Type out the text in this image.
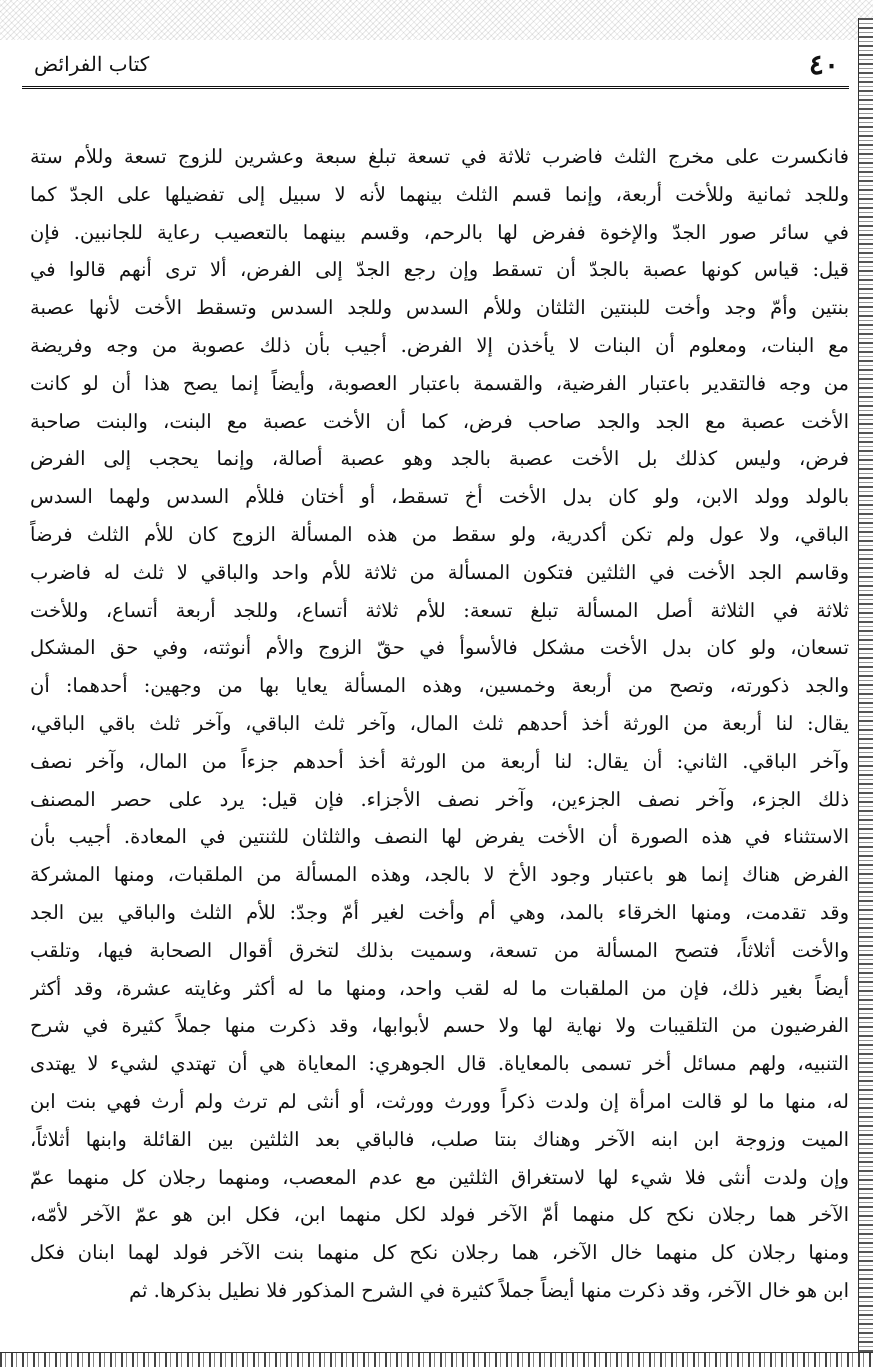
٤٠
كتاب الفرائض
فانكسرت على مخرج الثلث فاضرب ثلاثة في تسعة تبلغ سبعة وعشرين للزوج تسعة وللأم ستة
وللجد ثمانية وللأخت أربعة، وإنما قسم الثلث بينهما لأنه لا سبيل إلى تفضيلها على الجدّ كما
في سائر صور الجدّ والإخوة ففرض لها بالرحم، وقسم بينهما بالتعصيب رعاية للجانبين. فإن
قيل: قياس كونها عصبة بالجدّ أن تسقط وإن رجع الجدّ إلى الفرض، ألا ترى أنهم قالوا في
بنتين وأمّ وجد وأخت للبنتين الثلثان وللأم السدس وللجد السدس وتسقط الأخت لأنها عصبة
مع البنات، ومعلوم أن البنات لا يأخذن إلا الفرض. أجيب بأن ذلك عصوبة من وجه وفريضة
من وجه فالتقدير باعتبار الفرضية، والقسمة باعتبار العصوبة، وأيضاً إنما يصح هذا أن لو كانت
الأخت عصبة مع الجد والجد صاحب فرض، كما أن الأخت عصبة مع البنت، والبنت صاحبة
فرض، وليس كذلك بل الأخت عصبة بالجد وهو عصبة أصالة، وإنما يحجب إلى الفرض
بالولد وولد الابن، ولو كان بدل الأخت أخ تسقط، أو أختان فللأم السدس ولهما السدس
الباقي، ولا عول ولم تكن أكدرية، ولو سقط من هذه المسألة الزوج كان للأم الثلث فرضاً
وقاسم الجد الأخت في الثلثين فتكون المسألة من ثلاثة للأم واحد والباقي لا ثلث له فاضرب
ثلاثة في الثلاثة أصل المسألة تبلغ تسعة: للأم ثلاثة أتساع، وللجد أربعة أتساع، وللأخت
تسعان، ولو كان بدل الأخت مشكل فالأسوأ في حقّ الزوج والأم أنوثته، وفي حق المشكل
والجد ذكورته، وتصح من أربعة وخمسين، وهذه المسألة يعايا بها من وجهين: أحدهما: أن
يقال: لنا أربعة من الورثة أخذ أحدهم ثلث المال، وآخر ثلث الباقي، وآخر ثلث باقي الباقي،
وآخر الباقي. الثاني: أن يقال: لنا أربعة من الورثة أخذ أحدهم جزءاً من المال، وآخر نصف
ذلك الجزء، وآخر نصف الجزءين، وآخر نصف الأجزاء. فإن قيل: يرد على حصر المصنف
الاستثناء في هذه الصورة أن الأخت يفرض لها النصف والثلثان للثنتين في المعادة. أجيب بأن
الفرض هناك إنما هو باعتبار وجود الأخ لا بالجد، وهذه المسألة من الملقبات، ومنها المشركة
وقد تقدمت، ومنها الخرقاء بالمد، وهي أم وأخت لغير أمّ وجدّ: للأم الثلث والباقي بين الجد
والأخت أثلاثاً، فتصح المسألة من تسعة، وسميت بذلك لتخرق أقوال الصحابة فيها، وتلقب
أيضاً بغير ذلك، فإن من الملقبات ما له لقب واحد، ومنها ما له أكثر وغايته عشرة، وقد أكثر
الفرضيون من التلقيبات ولا نهاية لها ولا حسم لأبوابها، وقد ذكرت منها جملاً كثيرة في شرح
التنبيه، ولهم مسائل أخر تسمى بالمعاياة. قال الجوهري: المعاياة هي أن تهتدي لشيء لا يهتدى
له، منها ما لو قالت امرأة إن ولدت ذكراً وورث وورثت، أو أنثى لم ترث ولم أرث فهي بنت ابن
الميت وزوجة ابن ابنه الآخر وهناك بنتا صلب، فالباقي بعد الثلثين بين القائلة وابنها أثلاثاً،
وإن ولدت أنثى فلا شيء لها لاستغراق الثلثين مع عدم المعصب، ومنهما رجلان كل منهما عمّ
الآخر هما رجلان نكح كل منهما أمّ الآخر فولد لكل منهما ابن، فكل ابن هو عمّ الآخر لأمّه،
ومنها رجلان كل منهما خال الآخر، هما رجلان نكح كل منهما بنت الآخر فولد لهما ابنان فكل
ابن هو خال الآخر، وقد ذكرت منها أيضاً جملاً كثيرة في الشرح المذكور فلا نطيل بذكرها. ثم
